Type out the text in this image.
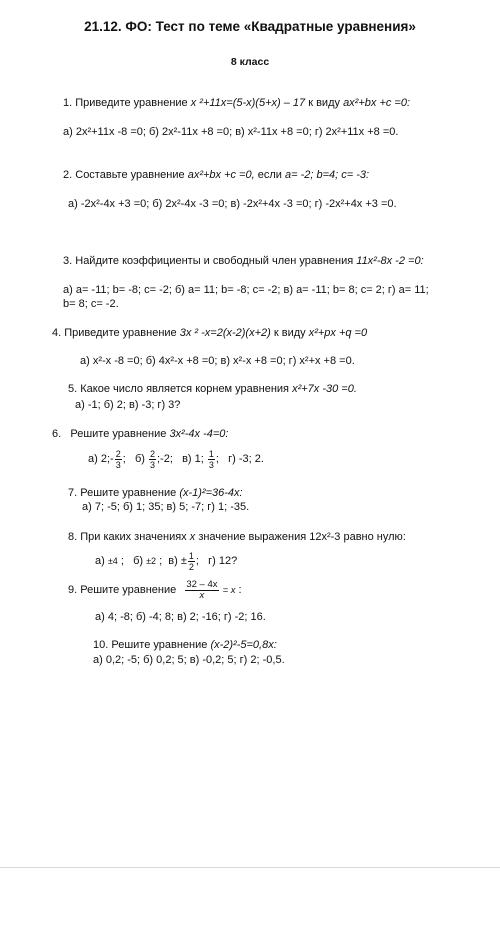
21.12. ФО: Тест по теме «Квадратные уравнения»
8 класс
1. Приведите уравнение x ²+11x=(5-x)(5+x) – 17 к виду ax²+bx +c =0:
а) 2x²+11x -8 =0; б) 2x²-11x +8 =0; в) x²-11x +8 =0; г) 2x²+11x +8 =0.
2. Составьте уравнение ax²+bx +c =0, если a= -2; b=4; c= -3:
а) -2x²-4x +3 =0; б) 2x²-4x -3 =0; в) -2x²+4x -3 =0; г) -2x²+4x +3 =0.
3. Найдите коэффициенты и свободный член уравнения 11x²-8x -2 =0:
а) a= -11; b= -8; c= -2; б) a= 11; b= -8; c= -2; в) a= -11; b= 8; c= 2; г) a= 11;
b= 8; c= -2.
4. Приведите уравнение 3x ² -x=2(x-2)(x+2) к виду x²+px +q =0
а) x²-x -8 =0; б) 4x²-x +8 =0; в) x²-x +8 =0; г) x²+x +8 =0.
5. Какое число является корнем уравнения x²+7x -30 =0.
а) -1; б) 2; в) -3; г) 3?
6. Решите уравнение 3x²-4x -4=0:
а) 2;- $\frac{2}{3}$ ; $б) \frac{2}{3}$ ;-2; в) 1; $\frac{1}{3}$ ; г) -3; 2.
7. Решите уравнение (x-1)²=36-4x:
а) 7; -5; б) 1; 35; в) 5; -7; г) 1; -35.
8. При каких значениях x значение выражения 12x²-3 равно нулю:
а) ±4 ;   б) ±2 ;  $в) \pm \frac{1}{2}$ ;   г) 12?
9. Решите уравнение $\frac{32 - 4x}{x} = x$ :
а) 4; -8; б) -4; 8; в) 2; -16; г) -2; 16.
10. Решите уравнение (x-2)²-5=0,8x:
а) 0,2; -5; б) 0,2; 5; в) -0,2; 5; г) 2; -0,5.
